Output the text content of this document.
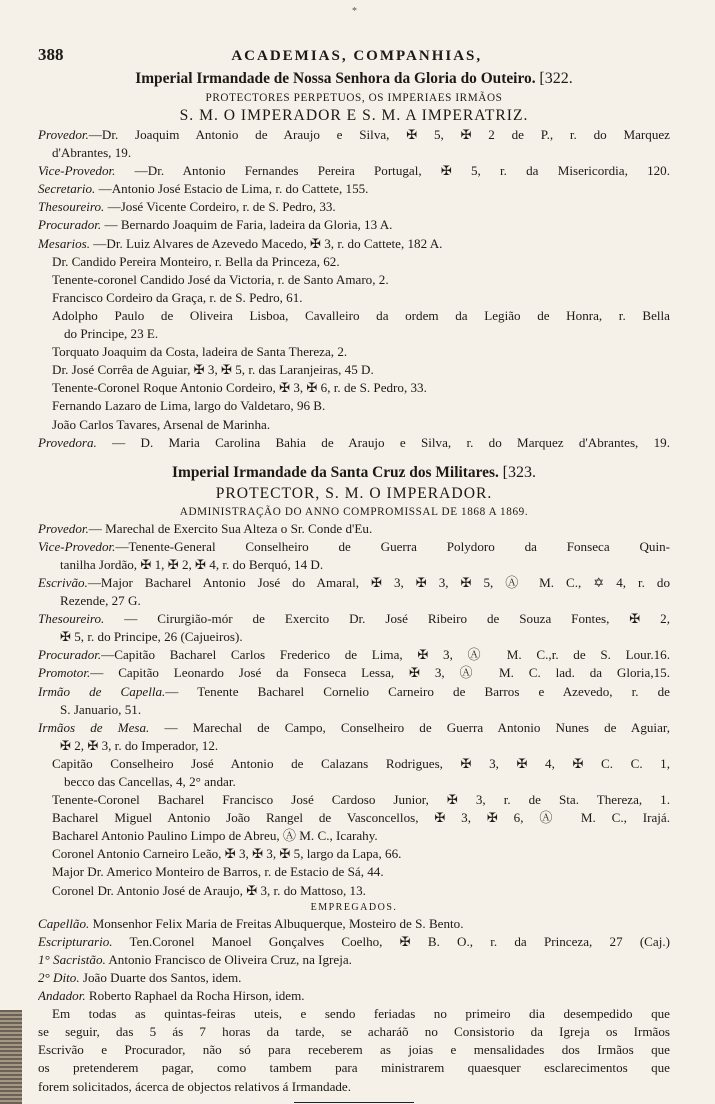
*
388	ACADEMIAS, COMPANHIAS,
Imperial Irmandade de Nossa Senhora da Gloria do Outeiro. [322.
PROTECTORES PERPETUOS, OS IMPERIAES IRMÃOS
S. M. O IMPERADOR E S. M. A IMPERATRIZ.
Provedor.—Dr. Joaquim Antonio de Araujo e Silva, ✠ 5, ✠ 2 de P., r. do Marquez
d'Abrantes, 19.
Vice-Provedor. —Dr. Antonio Fernandes Pereira Portugal, ✠ 5, r. da Misericordia, 120.
Secretario. —Antonio José Estacio de Lima, r. do Cattete, 155.
Thesoureiro. —José Vicente Cordeiro, r. de S. Pedro, 33.
Procurador. — Bernardo Joaquim de Faria, ladeira da Gloria, 13 A.
Mesarios. —Dr. Luiz Alvares de Azevedo Macedo, ✠ 3, r. do Cattete, 182 A.
Dr. Candido Pereira Monteiro, r. Bella da Princeza, 62.
Tenente-coronel Candido José da Victoria, r. de Santo Amaro, 2.
Francisco Cordeiro da Graça, r. de S. Pedro, 61.
Adolpho Paulo de Oliveira Lisboa, Cavalleiro da ordem da Legião de Honra, r. Bella
do Principe, 23 E.
Torquato Joaquim da Costa, ladeira de Santa Thereza, 2.
Dr. José Corrêa de Aguiar, ✠ 3, ✠ 5, r. das Laranjeiras, 45 D.
Tenente-Coronel Roque Antonio Cordeiro, ✠ 3, ✠ 6, r. de S. Pedro, 33.
Fernando Lazaro de Lima, largo do Valdetaro, 96 B.
João Carlos Tavares, Arsenal de Marinha.
Provedora. — D. Maria Carolina Bahia de Araujo e Silva, r. do Marquez d'Abrantes, 19.
Imperial Irmandade da Santa Cruz dos Militares. [323.
PROTECTOR, S. M. O IMPERADOR.
ADMINISTRAÇÃO DO ANNO COMPROMISSAL DE 1868 A 1869.
Provedor.— Marechal de Exercito Sua Alteza o Sr. Conde d'Eu.
Vice-Provedor.—Tenente-General Conselheiro de Guerra Polydoro da Fonseca Quin-
tanilha Jordão, ✠ 1, ✠ 2, ✠ 4, r. do Berquó, 14 D.
Escrivão.—Major Bacharel Antonio José do Amaral, ✠ 3, ✠ 3, ✠ 5, Ⓐ M. C., ✡ 4, r. do
Rezende, 27 G.
Thesoureiro. — Cirurgião-mór de Exercito Dr. José Ribeiro de Souza Fontes, ✠ 2,
✠ 5, r. do Principe, 26 (Cajueiros).
Procurador.—Capitão Bacharel Carlos Frederico de Lima, ✠ 3, Ⓐ M. C.,r. de S. Lour.16.
Promotor.— Capitão Leonardo José da Fonseca Lessa, ✠ 3, Ⓐ M. C. lad. da Gloria,15.
Irmão de Capella.— Tenente Bacharel Cornelio Carneiro de Barros e Azevedo, r. de
S. Januario, 51.
Irmãos de Mesa. — Marechal de Campo, Conselheiro de Guerra Antonio Nunes de Aguiar,
✠ 2, ✠ 3, r. do Imperador, 12.
Capitão Conselheiro José Antonio de Calazans Rodrigues, ✠ 3, ✠ 4, ✠ C. C. 1,
becco das Cancellas, 4, 2° andar.
Tenente-Coronel Bacharel Francisco José Cardoso Junior, ✠ 3, r. de Sta. Thereza, 1.
Bacharel Miguel Antonio João Rangel de Vasconcellos, ✠ 3, ✠ 6, Ⓐ M. C., Irajá.
Bacharel Antonio Paulino Limpo de Abreu, Ⓐ M. C., Icarahy.
Coronel Antonio Carneiro Leão, ✠ 3, ✠ 3, ✠ 5, largo da Lapa, 66.
Major Dr. Americo Monteiro de Barros, r. de Estacio de Sá, 44.
Coronel Dr. Antonio José de Araujo, ✠ 3, r. do Mattoso, 13.
EMPREGADOS.
Capellão. Monsenhor Felix Maria de Freitas Albuquerque, Mosteiro de S. Bento.
Escripturario. Ten.Coronel Manoel Gonçalves Coelho, ✠ B. O., r. da Princeza, 27 (Caj.)
1° Sacristão. Antonio Francisco de Oliveira Cruz, na Igreja.
2° Dito. João Duarte dos Santos, idem.
Andador. Roberto Raphael da Rocha Hirson, idem.
Em todas as quintas-feiras uteis, e sendo feriadas no primeiro dia desempedido que
se seguir, das 5 ás 7 horas da tarde, se acharáõ no Consistorio da Igreja os Irmãos
Escrivão e Procurador, não só para receberem as joias e mensalidades dos Irmãos que
os pretenderem pagar, como tambem para ministrarem quaesquer esclarecimentos que
forem solicitados, ácerca de objectos relativos á Irmandade.
